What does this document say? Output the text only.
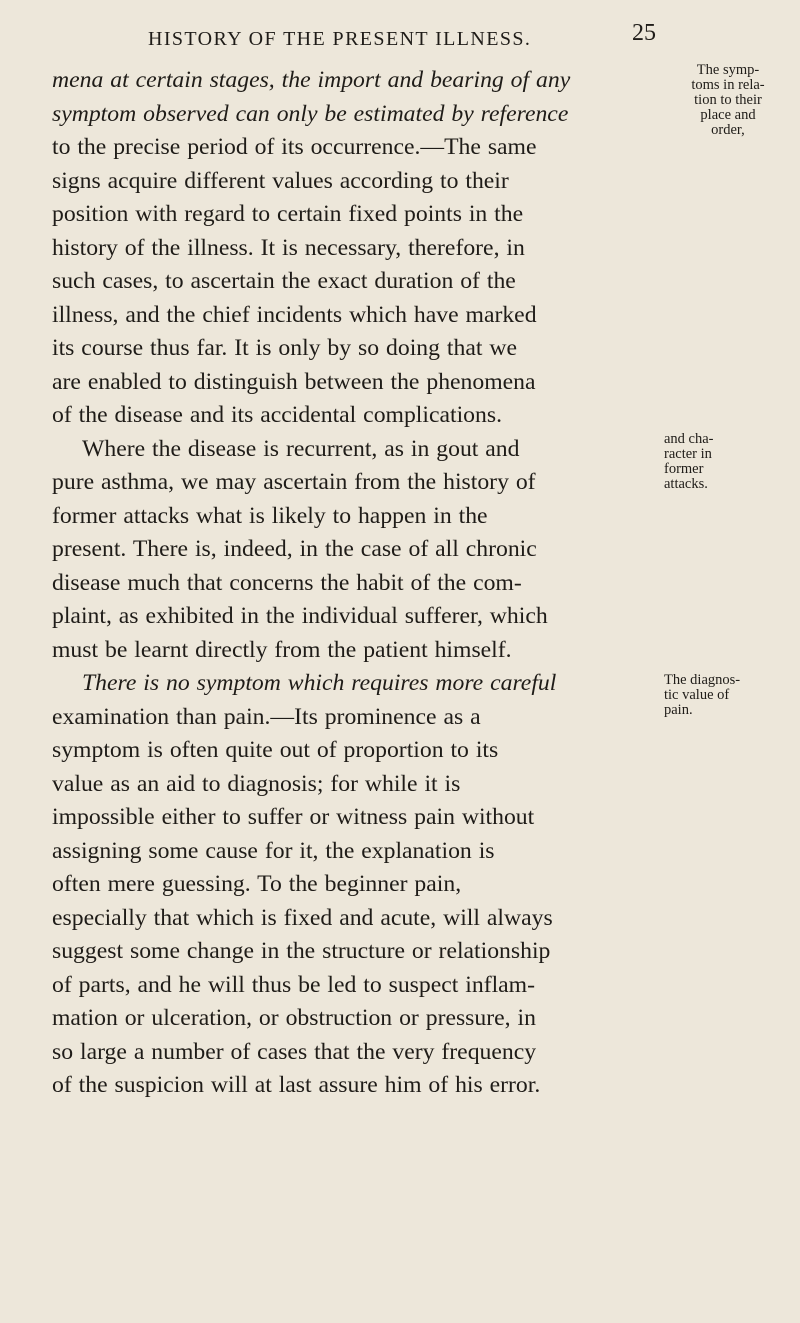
HISTORY OF THE PRESENT ILLNESS.	25
mena at certain stages, the import and bearing of any
symptom observed can only be estimated by reference
to the precise period of its occurrence.—The same
signs acquire different values according to their
position with regard to certain fixed points in the
history of the illness. It is necessary, therefore, in
such cases, to ascertain the exact duration of the
illness, and the chief incidents which have marked
its course thus far. It is only by so doing that we
are enabled to distinguish between the phenomena
of the disease and its accidental complications.
Where the disease is recurrent, as in gout and
pure asthma, we may ascertain from the history of
former attacks what is likely to happen in the
present. There is, indeed, in the case of all chronic
disease much that concerns the habit of the com-
plaint, as exhibited in the individual sufferer, which
must be learnt directly from the patient himself.
There is no symptom which requires more careful
examination than pain.—Its prominence as a
symptom is often quite out of proportion to its
value as an aid to diagnosis; for while it is
impossible either to suffer or witness pain without
assigning some cause for it, the explanation is
often mere guessing. To the beginner pain,
especially that which is fixed and acute, will always
suggest some change in the structure or relationship
of parts, and he will thus be led to suspect inflam-
mation or ulceration, or obstruction or pressure, in
so large a number of cases that the very frequency
of the suspicion will at last assure him of his error.
The symp-
toms in rela-
tion to their
place and
order,
and cha-
racter in
former
attacks.
The diagnos-
tic value of
pain.
